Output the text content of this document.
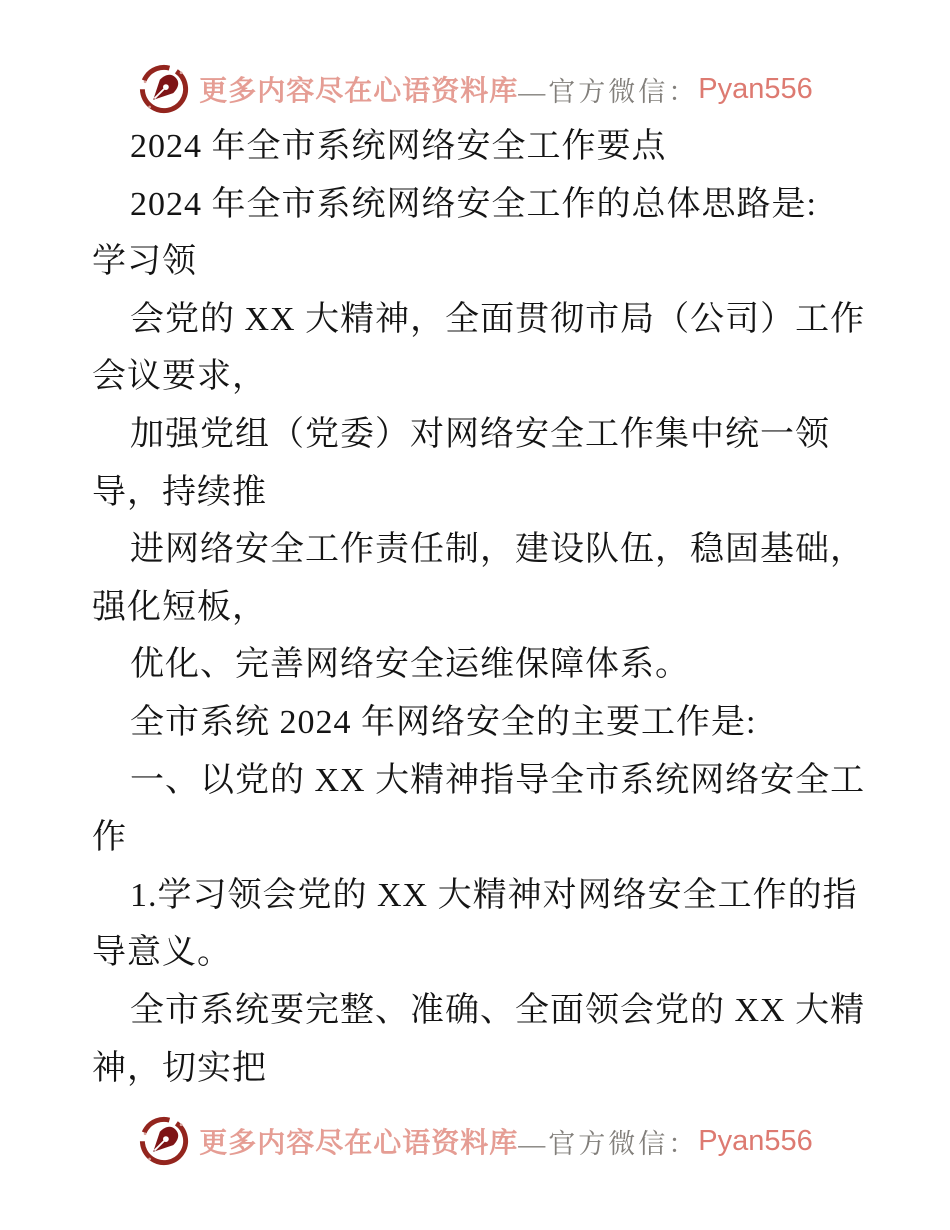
更多内容尽在心语资料库 —官方微信： Pyan556
2024 年全市系统网络安全工作要点
2024 年全市系统网络安全工作的总体思路是:
学习领
会党的 XX 大精神，全面贯彻市局（公司）工作
会议要求，
加强党组（党委）对网络安全工作集中统一领
导，持续推
进网络安全工作责任制，建设队伍，稳固基础，
强化短板，
优化、完善网络安全运维保障体系。
全市系统 2024 年网络安全的主要工作是:
一、以党的 XX 大精神指导全市系统网络安全工
作
1.学习领会党的 XX 大精神对网络安全工作的指
导意义。
全市系统要完整、准确、全面领会党的 XX 大精
神，切实把
更多内容尽在心语资料库 —官方微信： Pyan556
